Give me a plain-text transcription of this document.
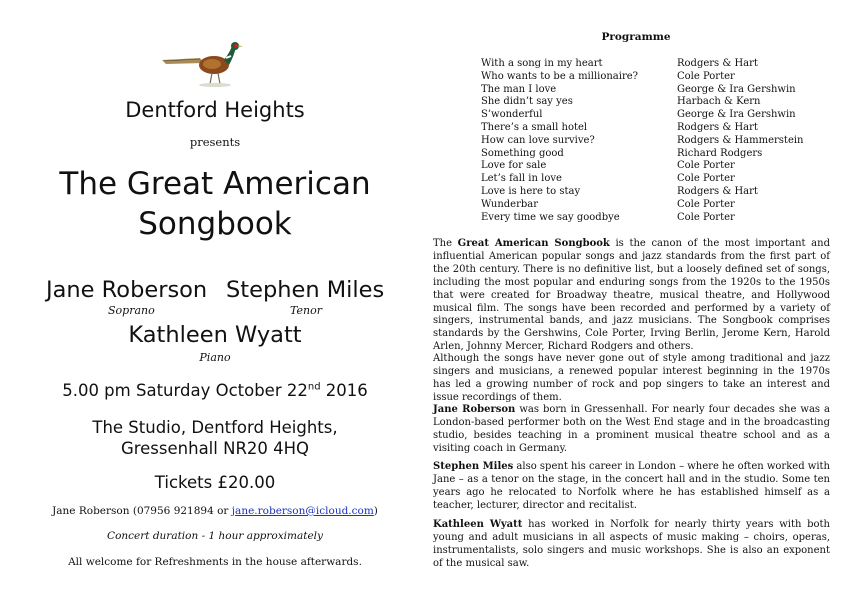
Dentford Heights

presents

The Great American

Songbook

Jane Roberson

Soprano

Stephen Miles

Tenor

Kathleen Wyatt

Piano

5.00 pm Saturday October 22nd 2016

The Studio, Dentford Heights,

Gressenhall NR20 4HQ

Tickets £20.00

Jane Roberson (07956 921894 or jane.roberson@icloud.com)

Concert duration - 1 hour approximately

All welcome for Refreshments in the house afterwards.

Programme

With a song in my heart	Rodgers & Hart
Who wants to be a millionaire?	Cole Porter
The man I love	George & Ira Gershwin
She didn’t say yes	Harbach & Kern
S’wonderful	George & Ira Gershwin
There’s a small hotel	Rodgers & Hart
How can love survive?	Rodgers & Hammerstein
Something good	Richard Rodgers
Love for sale	Cole Porter
Let’s fall in love	Cole Porter
Love is here to stay	Rodgers & Hart
Wunderbar	Cole Porter
Every time we say goodbye	Cole Porter

The Great American Songbook is the canon of the most important and influential American popular songs and jazz standards from the first part of the 20th century. There is no definitive list, but a loosely defined set of songs, including the most popular and enduring songs from the 1920s to the 1950s that were created for Broadway theatre, musical theatre, and Hollywood musical film. The songs have been recorded and performed by a variety of singers, instrumental bands, and jazz musicians. The Songbook comprises standards by the Gershwins, Cole Porter, Irving Berlin, Jerome Kern, Harold Arlen, Johnny Mercer, Richard Rodgers and others.

Although the songs have never gone out of style among traditional and jazz singers and musicians, a renewed popular interest beginning in the 1970s has led a growing number of rock and pop singers to take an interest and issue recordings of them.

Jane Roberson was born in Gressenhall. For nearly four decades she was a London-based performer both on the West End stage and in the broadcasting studio, besides teaching in a prominent musical theatre school and as a visiting coach in Germany.

Stephen Miles also spent his career in London – where he often worked with Jane – as a tenor on the stage, in the concert hall and in the studio. Some ten years ago he relocated to Norfolk where he has established himself as a teacher, lecturer, director and recitalist.

Kathleen Wyatt has worked in Norfolk for nearly thirty years with both young and adult musicians in all aspects of music making – choirs, operas, instrumentalists, solo singers and music workshops. She is also an exponent of the musical saw.
